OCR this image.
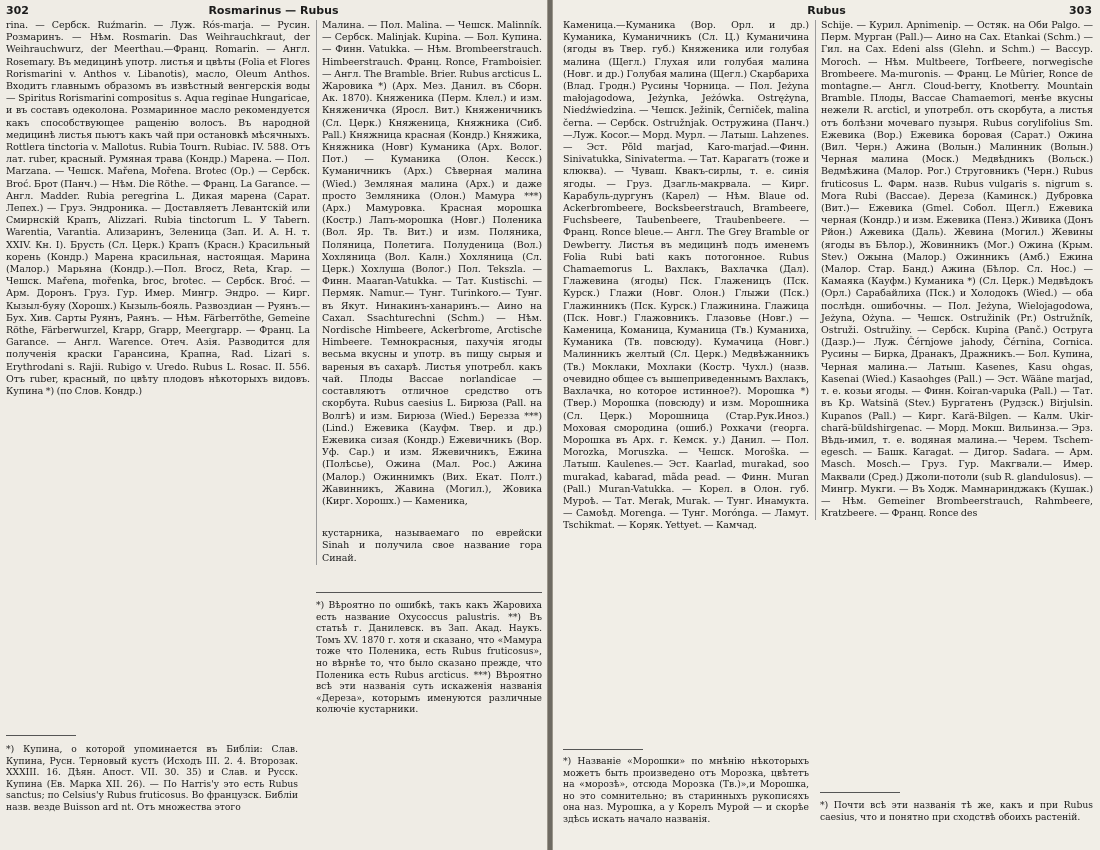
302	Rosmarinus — Rubus

rina. — Сербск. Ruźmarin. — Луж. Rós-marja. — Русин. Розмаринъ. — Нѣм. Rosmarin. Das Weihrauchkraut, der Weihrauchwurz, der Meerthau.—Франц. Romarin. — Англ. Rosemary. Въ медицинѣ употр. листья и цвѣты (Folia et Flores Rorismarini v. Anthos v. Libanotis), масло, Oleum Anthos. Входитъ главнымъ образомъ въ извѣстный венгерскія воды — Spiritus Rorismarini compositus s. Aqua reginae Hungaricae, и въ составъ одеколона. Розмаринное масло рекомендуется какъ способствующее ращенію волосъ. Въ народной медицинѣ листья пьютъ какъ чай при остановкѣ мѣсячныхъ. Rottlera tinctoria v. Mallotus. Rubia Tourn. Rubiac. IV. 588. Отъ лат. ruber, красный. Румяная трава (Кондр.) Марена. — Пол. Marzana. — Чешск. Mařena, Mořena. Brotec (Op.) — Сербск. Broć. Брот (Панч.) — Нѣм. Die Röthe. — Франц. La Garance. — Англ. Madder. Rubia peregrina L. Дикая марена (Сарат. Лепех.) — Груз. Эндроника. — Доставляетъ Левантскій или Смирнскій Крапъ, Alizzari. Rubia tinctorum L. У Tabern. Warentia, Varantia. Ализаринъ, Зеленица (Зап. И. А. Н. т. XXIV. Кн. I). Брусть (Сл. Церк.) Крапъ (Красн.) Красильный корень (Кондр.) Марена красильная, настоящая. Марина (Малор.) Марьяна (Кондр.).—Пол. Brocz, Reta, Krap. — Чешск. Mařena, mořenka, broc, brotec. — Сербск. Broć. — Арм. Доронъ. Груз. Гур. Имер. Мингр. Эндро. — Кирг. Кызыл-буяу (Хорошх.) Кызыль-бояль. Развоздиан — Руянъ.— Бух. Хив. Сарты Руянъ, Раянъ. — Нѣм. Färberröthe, Gemeine Röthe, Färberwurzel, Krapp, Grapp, Meergrapp. — Франц. La Garance. — Англ. Warence. Отеч. Азія. Разводится для полученія краски Гарансина, Крапна, Rad. Lizari s. Erythrodani s. Rajii. Rubigo v. Uredo. Rubus L. Rosac. II. 556. Отъ ruber, красный, по цвѣту плодовъ нѣкоторыхъ видовъ. Купина *) (по Слов. Кондр.)

Малина. — Пол. Malina. — Чешск. Malinník. — Сербск. Malinjak. Kupina. — Бол. Купина. — Финн. Vatukka. — Нѣм. Brombeerstrauch. Himbeerstrauch. Франц. Ronce, Framboisier.— Англ. The Bramble. Brier. Rubus arcticus L. Жаровика *) (Арх. Мез. Данил. въ Сборн. Ак. 1870). Княженика (Перм. Клел.) и изм. Княженичка (Яросл. Вит.) Княженичникъ (Сл. Церк.) Княженица, Княжника (Сиб. Pall.) Княжница красная (Кондр.) Княжика, Княжника (Новг) Куманика (Арх. Волог. Пот.) — Куманика (Олон. Кесск.) Куманичникъ (Арх.) Сѣверная малина (Wied.) Земляная малина (Арх.) и даже просто Земляника (Олон.) Мамура ***) (Арх.) Мамуровка. Красная морошка (Костр.) Лапъ-морошка (Новг.) Поленика (Вол. Яр. Тв. Вит.) и изм. Поляника, Поляница, Полетига. Полуденица (Вол.) Хохляница (Вол. Калн.) Хохляница (Сл. Церк.) Хохлуша (Волог.) Пол. Tekszla. — Финн. Maaran-Vatukka. — Тат. Kustischi. — Пермяк. Namur.— Тунг. Turinkoro.— Тунг. въ Якут. Нинакинъ-ханаринъ.— Аино на Сахал. Ssachturechni (Schm.) — Нѣм. Nordische Himbeere, Ackerbrome, Arctische Himbeere. Темнокрасныя, пахучія ягоды весьма вкусны и употр. въ пищу сырыя и вареныя въ сахарѣ. Листья употребл. какъ чай. Плоды Baccae norlandicae — составляютъ отличное средство отъ скорбута. Rubus caesius L. Бирюза (Pall. на Волгѣ) и изм. Бирюза (Wied.) Березза ***) (Lind.) Ежевика (Кауфм. Твер. и др.) Ежевика сизая (Кондр.) Ежевичникъ (Вор. Уф. Сар.) и изм. Яжевичникъ, Ежина (Полѣсье), Ожина (Мал. Рос.) Ажина (Малор.) Ожиннимкъ (Вих. Екат. Полт.) Жавинникъ, Жавина (Могил.), Жовика (Кирг. Хорошх.) — Каменика,

кустарника, называемаго по еврейски Sinah и получила свое название гора Синай.

*) Вѣроятно по ошибкѣ, такъ какъ Жаровиха есть название Oxycoccus palustris. **) Въ статьѣ г. Данилевск. въ Зап. Акад. Наукъ. Томъ XV. 1870 г. хотя и сказано, что «Мамура тоже что Поленика, есть Rubus fruticosus», но вѣрнѣе то, что было сказано прежде, что Поленика есть Rubus arcticus. ***) Вѣроятно всѣ эти названія суть искаженія названія «Дереза», которымъ именуются различные колючіе кустарники.
*) Купина, о которой упоминается въ Библіи: Слав. Купина, Русн. Терновый кустъ (Исходъ III. 2. 4. Второзак. XXXIII. 16. Дѣян. Апост. VII. 30. 35) и Слав. и Русск. Купина (Ев. Марка XII. 26). — По Harris'у это есть Rubus sanctus; по Celsius'у Rubus fruticosus. Во французск. Библіи назв. везде Buisson ard nt. Отъ множества этого
Rubus	303

Каменица.—Куманика (Вор. Орл. и др.) Куманика, Куманичникъ (Сл. Ц.) Куманичина (ягоды въ Твер. губ.) Княженика или голубая малина (Щегл.) Глухая или голубая малина (Новг. и др.) Голубая малина (Щегл.) Скарбариха (Влад. Гродн.) Русины Чорница. — Пол. Jeżyna małojagodowa, Jeżynka, Jeżówka. Ostrężyna, Niedźwiedzina. — Чешск. Ježinik, Černiček, malina černa. — Сербск. Ostružnjak. Остружина (Панч.)—Луж. Kocor.— Морд. Мурл. — Латыш. Lahzenes. — Эст. Põld marjad, Karo-marjad.—Финн. Sinivatukka, Sinivaterma. — Тат. Карагатъ (тоже и клюква). — Чуваш. Квакъ-сирлы, т. е. синія ягоды. — Груз. Дзагль-макрвала. — Кирг. Карабуль-дургунъ (Карел) — Нѣм. Blaue od. Ackerbrombeere, Bocksbeerstrauch, Brambeere, Fuchsbeere, Taubenbeere, Traubenbeere. — Франц. Ronce bleue.— Англ. The Grey Bramble or Dewberry. Листья въ медицинѣ подъ именемъ Folia Rubi bati какъ потогонное. Rubus Chamaemorus L. Вахлакъ, Вахлачка (Дал). Глажевина (ягоды) Пск. Глаженицъ (Пск. Курск.) Глажи (Новг. Олон.) Глыжи (Пск.) Глажинникъ (Пск. Курск.) Глажинина. Глажица (Пск. Новг.) Глажовникъ. Глазовье (Новг.) — Каменица, Команица, Куманица (Тв.) Куманиха, Куманика (Тв. повсюду). Кумачица (Новг.) Малинникъ желтый (Сл. Церк.) Медвѣжанникъ (Тв.) Моклаки, Мохлаки (Костр. Чухл.) (назв. очевидно общее съ вышеприведеннымъ Вахлакъ, Вахлачка, но которое истинное?). Морошка *) (Твер.) Морошка (повсюду) и изм. Морошника (Сл. Церк.) Морошница (Стар.Рук.Иноз.) Моховая смородина (ошиб.) Рохкачи (георга. Морошка въ Арх. г. Кемск. у.) Данил. — Пол. Morozka, Moruszka. — Чешск. Moroška. — Латыш. Kaulenes.— Эст. Kaarlad, murakad, soo murakad, kabarad, mãda pead. — Финн. Muran (Pall.) Muran-Vatukka. — Корел. в Олон. губ. Муроѣ. — Тат. Merak, Murak. — Тунг. Инамукта. — Самоѣд. Morengа. — Тунг. Morónga. — Ламут. Tschikmat. — Коряк. Yettyet. — Камчад.

Schije. — Курил. Apnimenip. — Остяк. на Оби Palgo. — Перм. Мурган (Pall.)— Аино на Сах. Etankai (Schm.) — Гил. на Сах. Edeni alss (Glehn. и Schm.) — Вассур. Moroch. — Нѣм. Multbeere, Torfbeere, norwegische Brombeere. Ma-muronis. — Франц. Le Mûrier, Ronce de montagne.— Англ. Cloud-berry, Knotberry. Mountain Bramble. Плоды, Baccae Chamaemori, менѣе вкусны нежели R. arcticl, и употребл. отъ скорбута, а листья отъ болѣзни мочеваго пузыря. Rubus corylifolius Sm. Ежевика (Вор.) Ежевика боровая (Сарат.) Ожина (Вил. Черн.) Ажина (Волын.) Малинник (Волын.) Черная малина (Моск.) Медвѣдникъ (Вольск.) Ведмѣжина (Малор. Рог.) Струговникъ (Черн.) Rubus fruticosus L. Фарм. назв. Rubus vulgaris s. nigrum s. Mora Rubi (Вассае). Дереза (Каминск.) Дубровка (Вит.)— Ежевика (Gmel. Собол. Щегл.) Ежевика черная (Кондр.) и изм. Ежевика (Пенз.) Живика (Донъ Рйон.) Ажевика (Даль). Жевина (Могил.) Жевины (ягоды въ Бѣлор.), Жовинникъ (Мог.) Ожина (Крым. Stev.) Ожына (Малор.) Ожинникъ (Амб.) Ежина (Малор. Стар. Банд.) Ажина (Бѣлор. Сл. Нос.) — Камаяка (Кауфм.) Куманика *) (Сл. Церк.) Медвѣдокъ (Орл.) Сарабайлиха (Пск.) и Холодокъ (Wied.) — оба послѣдн. ошибочны. — Пол. Jeżyna, Wielojagodowa, Jeżyna, Ożyna. — Чешск. Ostružinik (Pr.) Ostružník, Ostruži. Ostružiny. — Сербск. Kupina (Panč.) Оструга (Дазр.)— Луж. Čérnjowe jahody, Čérnina, Cornica. Русины — Бирка, Дранакъ, Дражникъ.— Бол. Купина, Черная малина.— Латыш. Kasenes, Kasu ohgas, Kasenai (Wied.) Kasaohges (Pall.) — Эст. Wääne marjad, т. е. козьи ягоды. — Финн. Koiran-vapuka (Pall.) — Тат. въ Кр. Watsinä (Stev.) Бургатенъ (Рудзск.) Birjulsin. Kupanos (Pall.) — Кирг. Karä-Bilgen. — Калм. Ukir-charä-büldshirgenac. — Морд. Мокш. Вильинза.— Эрз. Вѣдь-имил, т. е. водяная малина.— Черем. Tschem-egesch. — Башк. Karagat. — Дигор. Sadara. — Арм. Masch. Mosch.— Груз. Гур. Макгвали.— Имер. Маквали (Сред.) Джоли-потоли (sub R. glandulosus). — Мингр. Мукги. — Въ Ходж. Мамнаринджакъ (Кушак.) — Нѣм. Gemeiner Brombeerstrauch, Rahmbeere, Kratzbeere. — Франц. Ronce des

*) Названіе «Морошки» по мнѣнію нѣкоторыхъ можетъ быть произведено отъ Морозка, цвѣтетъ на «морозѣ», отсюда Морозка (Тв.)»,и Морошка, но это сомнительно; въ старинныхъ рукописяхъ она наз. Мурошка, а у Корелъ Мурой — и скорѣе здѣсь искать начало названія.
*) Почти всѣ эти названія тѣ же, какъ и при Rubus caesius, что и понятно при сходствѣ обоихъ растеній.
